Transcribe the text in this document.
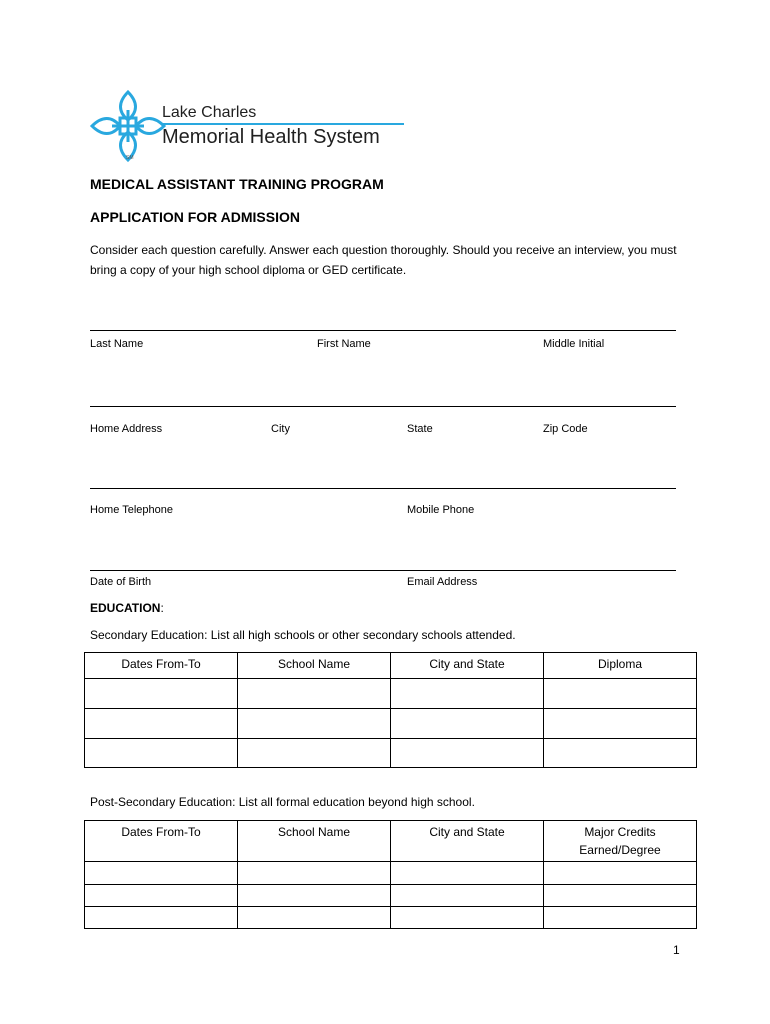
SM
Lake Charles
Memorial Health System
MEDICAL ASSISTANT TRAINING PROGRAM
APPLICATION FOR ADMISSION
Consider each question carefully. Answer each question thoroughly. Should you receive an interview, you must bring a copy of your high school diploma or GED certificate.
Last Name	First Name	Middle Initial
Home Address	City	State	Zip Code
Home Telephone	Mobile Phone
Date of Birth	Email Address
EDUCATION:
Secondary Education: List all high schools or other secondary schools attended.
Dates From-To	School Name	City and State	Diploma

Post-Secondary Education: List all formal education beyond high school.
Dates From-To	School Name	City and State	Major Credits Earned/Degree

1
